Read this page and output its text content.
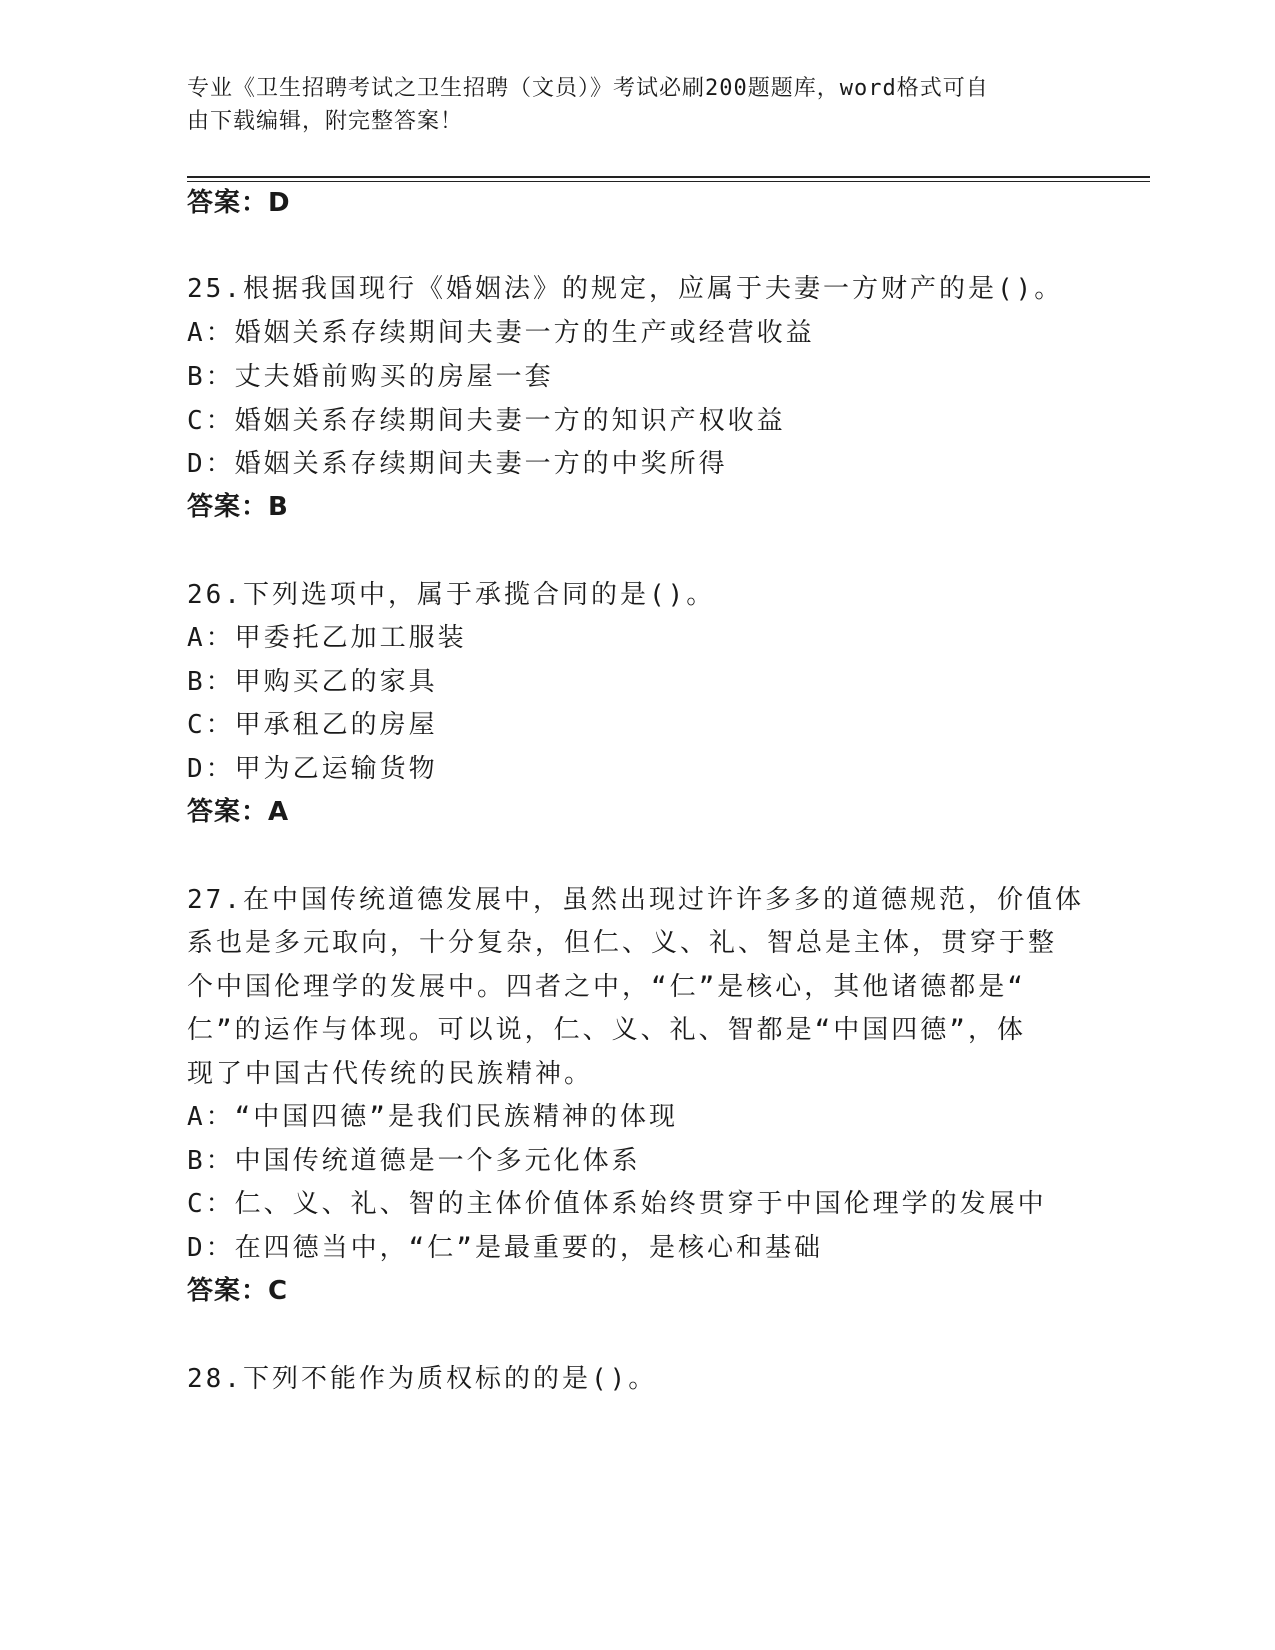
专业《卫生招聘考试之卫生招聘（文员）》考试必刷200题题库，word格式可自
由下载编辑，附完整答案！
答案：D
25.根据我国现行《婚姻法》的规定，应属于夫妻一方财产的是()。
A：婚姻关系存续期间夫妻一方的生产或经营收益
B：丈夫婚前购买的房屋一套
C：婚姻关系存续期间夫妻一方的知识产权收益
D：婚姻关系存续期间夫妻一方的中奖所得
答案：B
26.下列选项中，属于承揽合同的是()。
A：甲委托乙加工服装
B：甲购买乙的家具
C：甲承租乙的房屋
D：甲为乙运输货物
答案：A
27.在中国传统道德发展中，虽然出现过许许多多的道德规范，价值体
系也是多元取向，十分复杂，但仁、义、礼、智总是主体，贯穿于整
个中国伦理学的发展中。四者之中，“仁”是核心，其他诸德都是“
仁”的运作与体现。可以说，仁、义、礼、智都是“中国四德”，体
现了中国古代传统的民族精神。
A：“中国四德”是我们民族精神的体现
B：中国传统道德是一个多元化体系
C：仁、义、礼、智的主体价值体系始终贯穿于中国伦理学的发展中
D：在四德当中，“仁”是最重要的，是核心和基础
答案：C
28.下列不能作为质权标的的是()。
